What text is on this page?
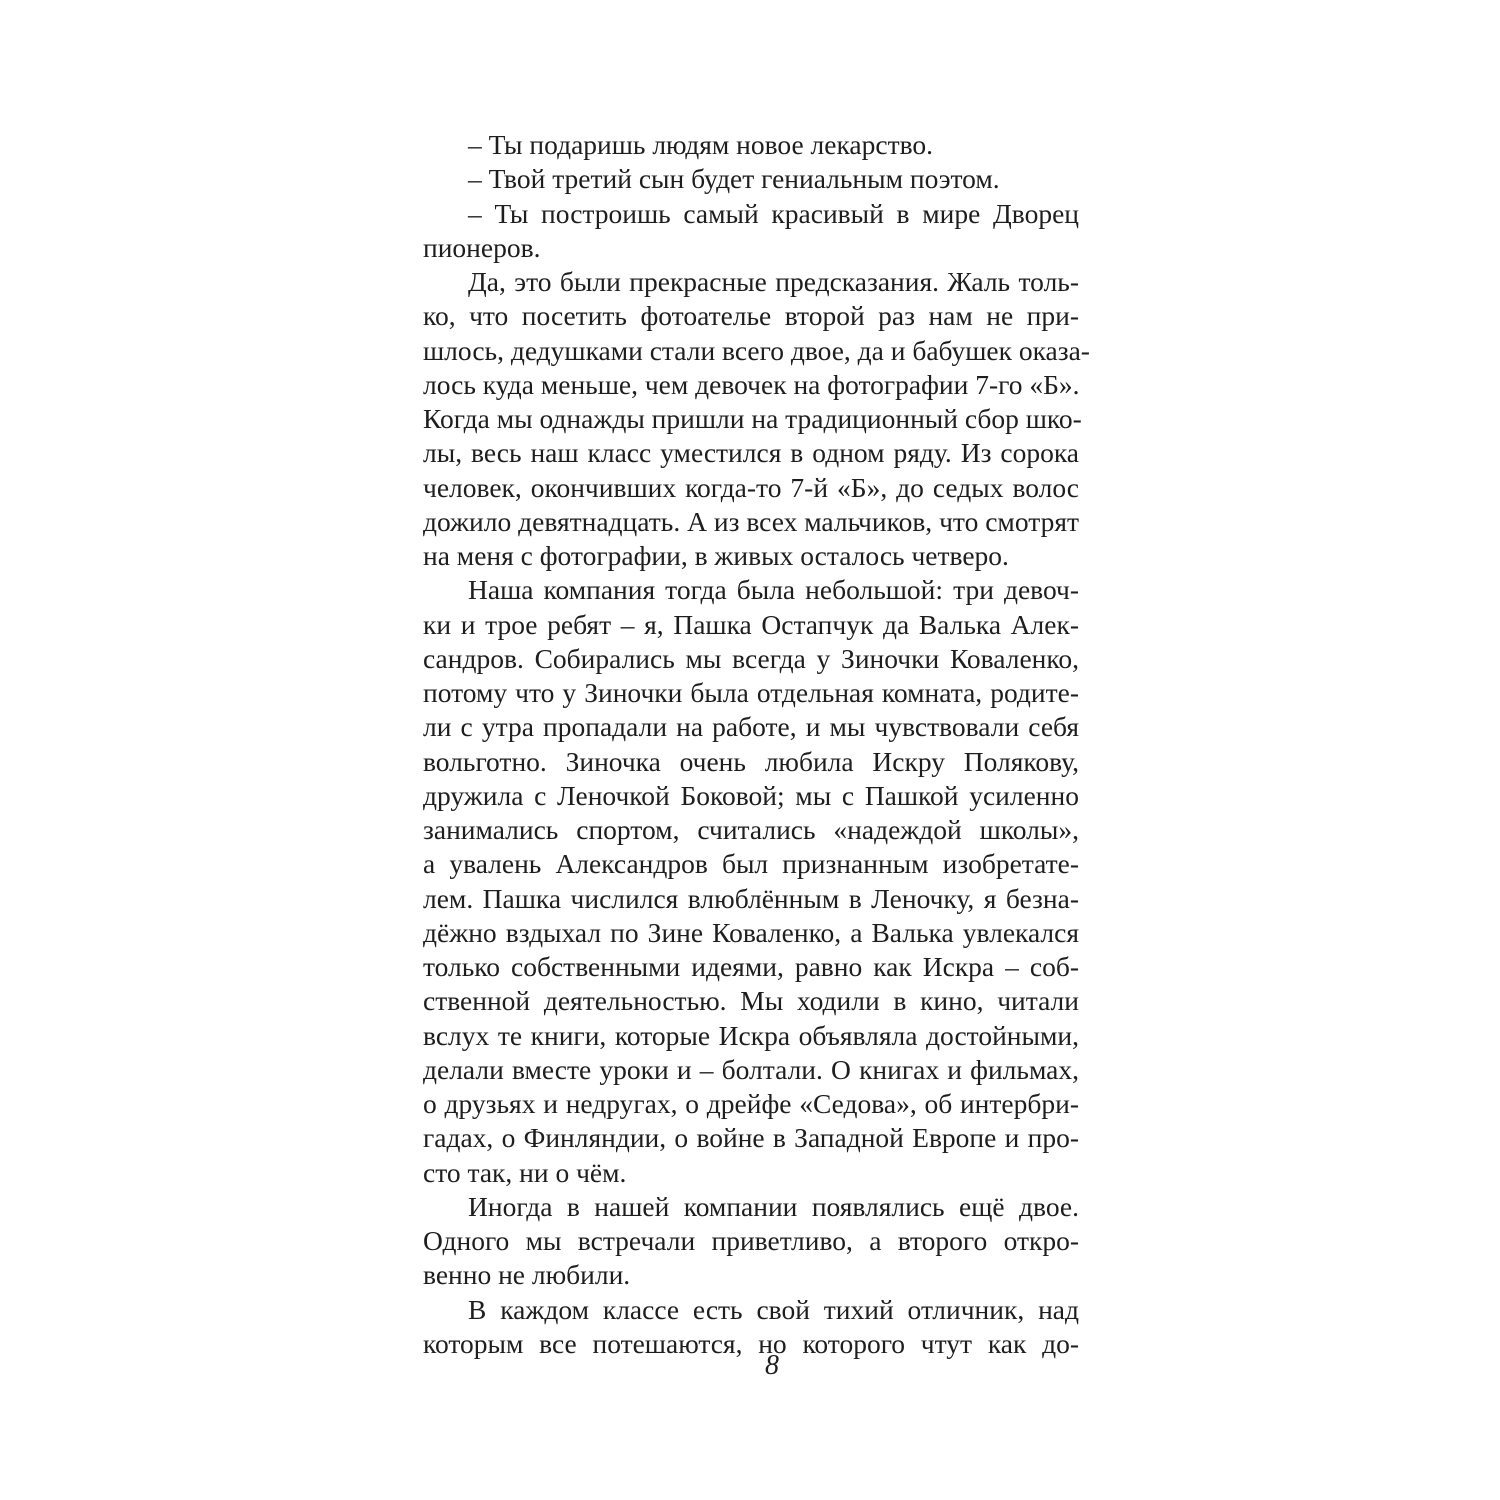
– Ты подаришь людям новое лекарство.
– Твой третий сын будет гениальным поэтом.
– Ты построишь самый красивый в мире Дворец
пионеров.
Да, это были прекрасные предсказания. Жаль толь-
ко, что посетить фотоателье второй раз нам не при-
шлось, дедушками стали всего двое, да и бабушек оказа-
лось куда меньше, чем девочек на фотографии 7-го «Б».
Когда мы однажды пришли на традиционный сбор шко-
лы, весь наш класс уместился в одном ряду. Из сорока
человек, окончивших когда-то 7-й «Б», до седых волос
дожило девятнадцать. А из всех мальчиков, что смотрят
на меня с фотографии, в живых осталось четверо.
Наша компания тогда была небольшой: три девоч-
ки и трое ребят – я, Пашка Остапчук да Валька Алек-
сандров. Собирались мы всегда у Зиночки Коваленко,
потому что у Зиночки была отдельная комната, родите-
ли с утра пропадали на работе, и мы чувствовали себя
вольготно. Зиночка очень любила Искру Полякову,
дружила с Леночкой Боковой; мы с Пашкой усиленно
занимались спортом, считались «надеждой школы»,
а увалень Александров был признанным изобретате-
лем. Пашка числился влюблённым в Леночку, я безна-
дёжно вздыхал по Зине Коваленко, а Валька увлекался
только собственными идеями, равно как Искра – соб-
ственной деятельностью. Мы ходили в кино, читали
вслух те книги, которые Искра объявляла достойными,
делали вместе уроки и – болтали. О книгах и фильмах,
о друзьях и недругах, о дрейфе «Седова», об интербри-
гадах, о Финляндии, о войне в Западной Европе и про-
сто так, ни о чём.
Иногда в нашей компании появлялись ещё двое.
Одного мы встречали приветливо, а второго откро-
венно не любили.
В каждом классе есть свой тихий отличник, над
которым все потешаются, но которого чтут как до-
8
